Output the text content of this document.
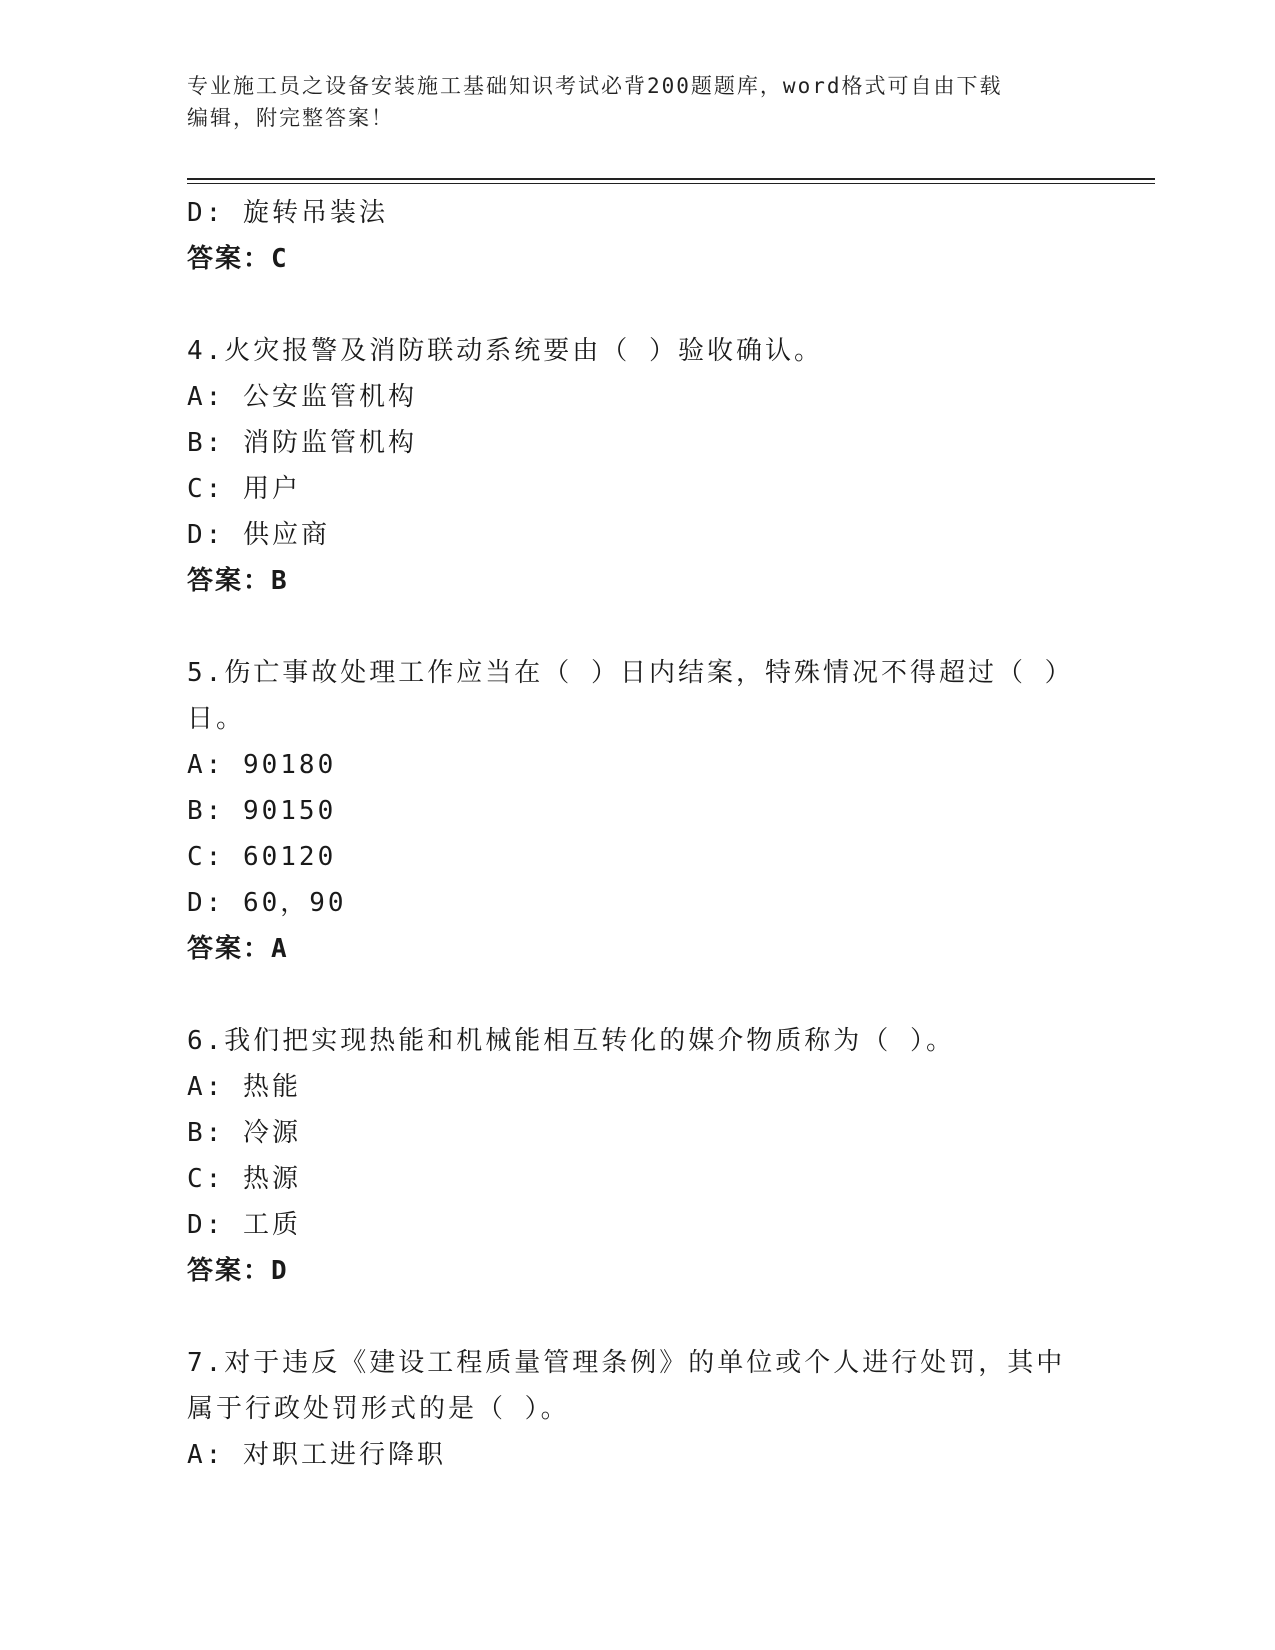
专业施工员之设备安装施工基础知识考试必背200题题库，word格式可自由下载
编辑，附完整答案！
D: 旋转吊装法
答案：C
4.火灾报警及消防联动系统要由（ ）验收确认。
A: 公安监管机构
B: 消防监管机构
C: 用户
D: 供应商
答案：B
5.伤亡事故处理工作应当在（ ）日内结案，特殊情况不得超过（ ）
日。
A: 90180
B: 90150
C: 60120
D: 60，90
答案：A
6.我们把实现热能和机械能相互转化的媒介物质称为（ ）。
A: 热能
B: 冷源
C: 热源
D: 工质
答案：D
7.对于违反《建设工程质量管理条例》的单位或个人进行处罚，其中
属于行政处罚形式的是（ ）。
A: 对职工进行降职
